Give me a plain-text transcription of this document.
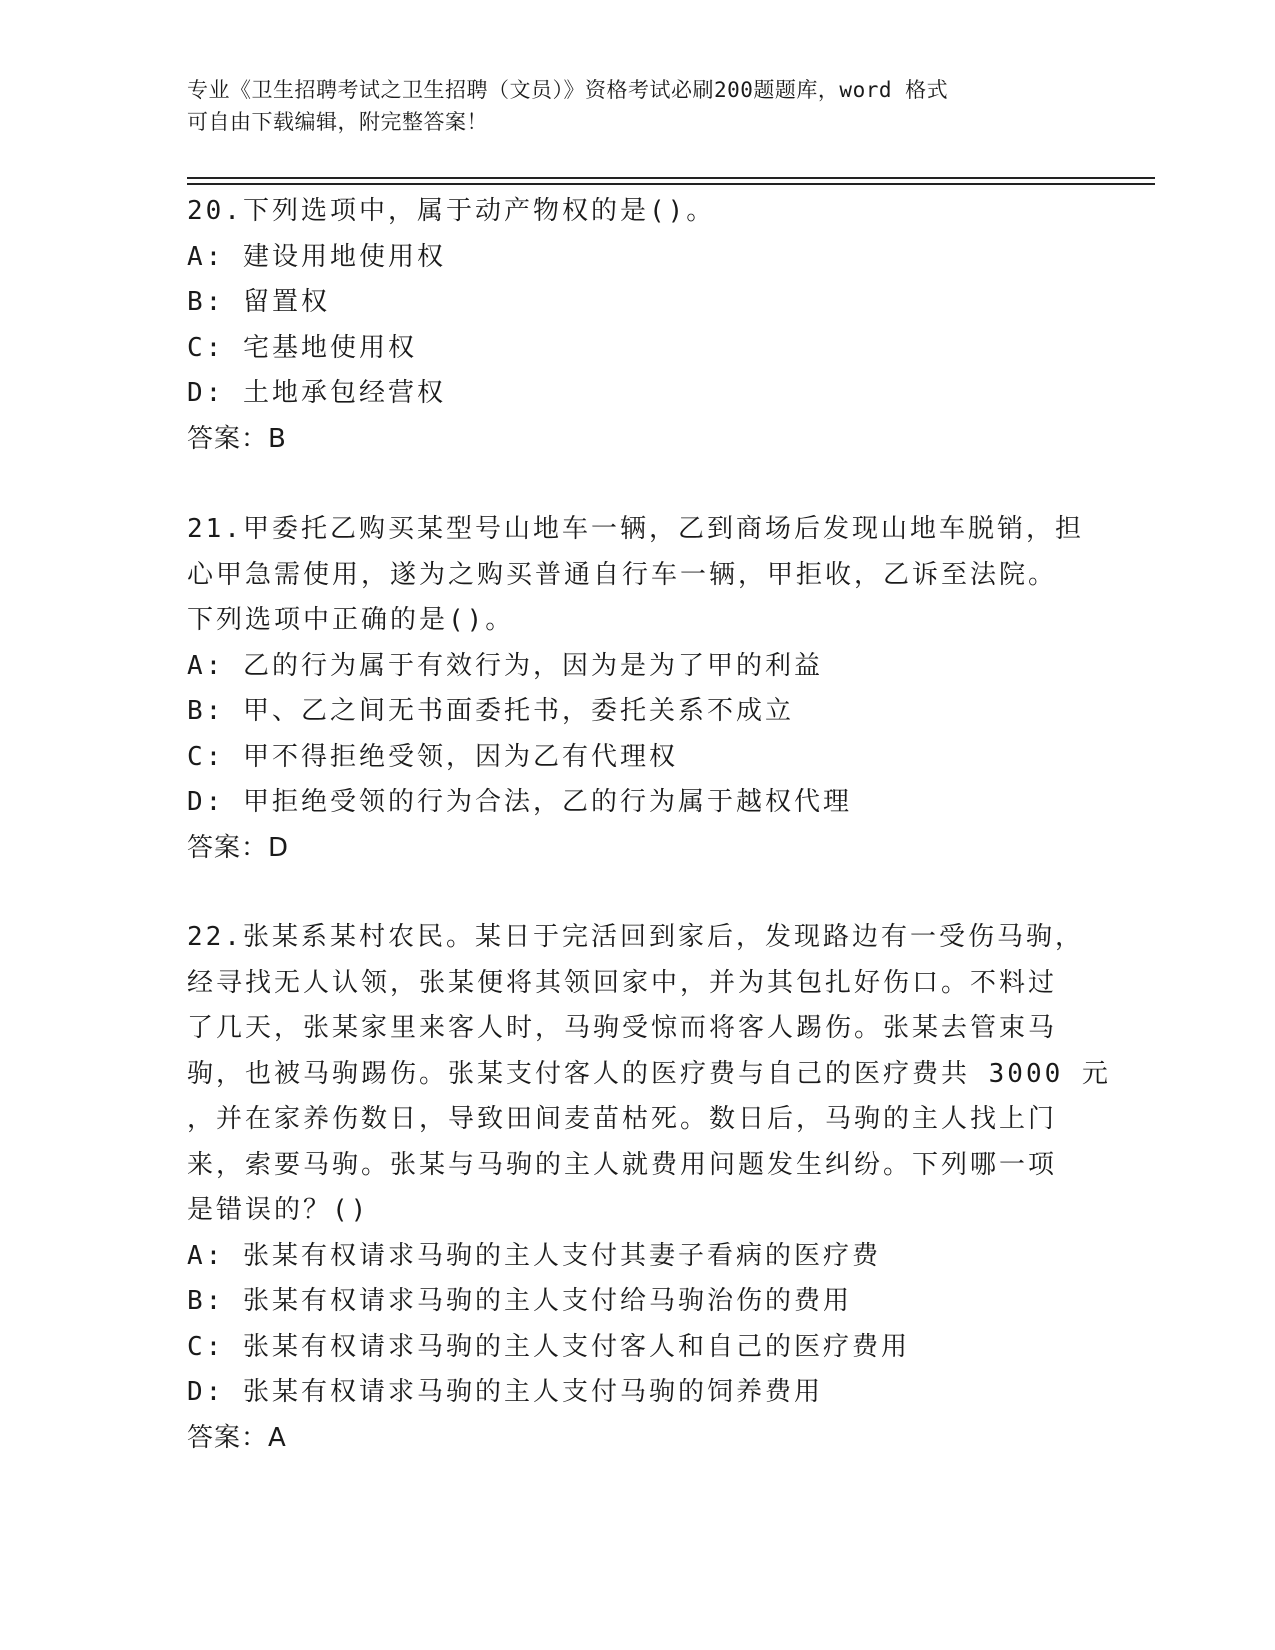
专业《卫生招聘考试之卫生招聘（文员）》资格考试必刷200题题库，word 格式
可自由下载编辑，附完整答案！
20.下列选项中，属于动产物权的是()。
A: 建设用地使用权
B: 留置权
C: 宅基地使用权
D: 土地承包经营权
答案：B
21.甲委托乙购买某型号山地车一辆，乙到商场后发现山地车脱销，担
心甲急需使用，遂为之购买普通自行车一辆，甲拒收，乙诉至法院。
下列选项中正确的是()。
A: 乙的行为属于有效行为，因为是为了甲的利益
B: 甲、乙之间无书面委托书，委托关系不成立
C: 甲不得拒绝受领，因为乙有代理权
D: 甲拒绝受领的行为合法，乙的行为属于越权代理
答案：D
22.张某系某村农民。某日于完活回到家后，发现路边有一受伤马驹，
经寻找无人认领，张某便将其领回家中，并为其包扎好伤口。不料过
了几天，张某家里来客人时，马驹受惊而将客人踢伤。张某去管束马
驹，也被马驹踢伤。张某支付客人的医疗费与自己的医疗费共 3000 元
，并在家养伤数日，导致田间麦苗枯死。数日后，马驹的主人找上门
来，索要马驹。张某与马驹的主人就费用问题发生纠纷。下列哪一项
是错误的？()
A: 张某有权请求马驹的主人支付其妻子看病的医疗费
B: 张某有权请求马驹的主人支付给马驹治伤的费用
C: 张某有权请求马驹的主人支付客人和自己的医疗费用
D: 张某有权请求马驹的主人支付马驹的饲养费用
答案：A
